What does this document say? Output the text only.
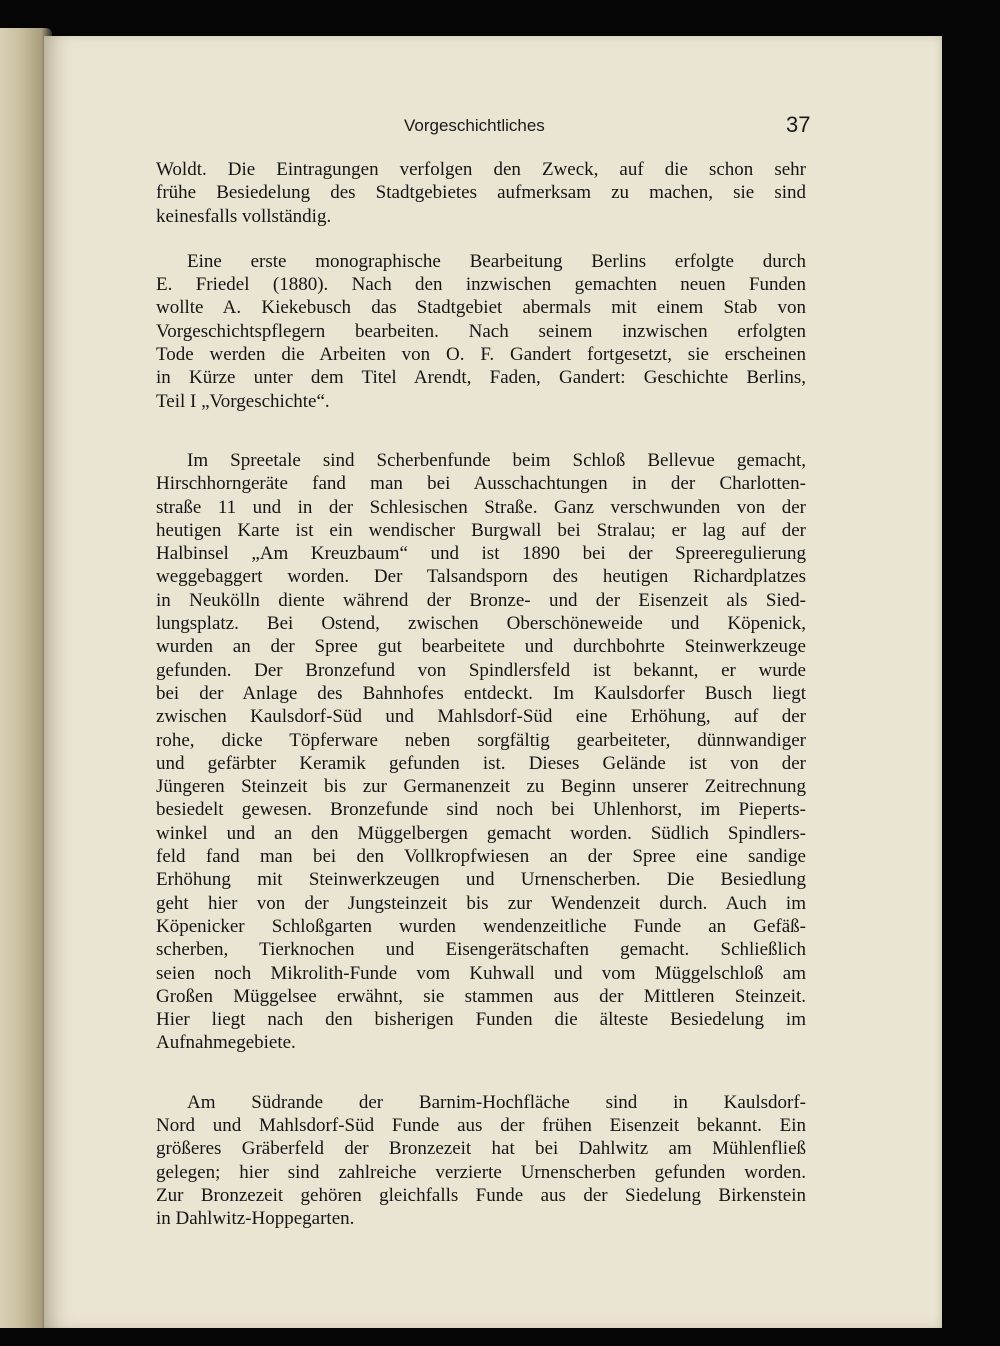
Vorgeschichtliches	37

Woldt. Die Eintragungen verfolgen den Zweck, auf die schon sehr
frühe Besiedelung des Stadtgebietes aufmerksam zu machen, sie sind
keinesfalls vollständig.

Eine erste monographische Bearbeitung Berlins erfolgte durch
E. Friedel (1880). Nach den inzwischen gemachten neuen Funden
wollte A. Kiekebusch das Stadtgebiet abermals mit einem Stab von
Vorgeschichtspflegern bearbeiten. Nach seinem inzwischen erfolgten
Tode werden die Arbeiten von O. F. Gandert fortgesetzt, sie erscheinen
in Kürze unter dem Titel Arendt, Faden, Gandert: Geschichte Berlins,
Teil I „Vorgeschichte“.

Im Spreetale sind Scherbenfunde beim Schloß Bellevue gemacht,
Hirschhorngeräte fand man bei Ausschachtungen in der Charlotten-
straße 11 und in der Schlesischen Straße. Ganz verschwunden von der
heutigen Karte ist ein wendischer Burgwall bei Stralau; er lag auf der
Halbinsel „Am Kreuzbaum“ und ist 1890 bei der Spreeregulierung
weggebaggert worden. Der Talsandsporn des heutigen Richardplatzes
in Neukölln diente während der Bronze- und der Eisenzeit als Sied-
lungsplatz. Bei Ostend, zwischen Oberschöneweide und Köpenick,
wurden an der Spree gut bearbeitete und durchbohrte Steinwerkzeuge
gefunden. Der Bronzefund von Spindlersfeld ist bekannt, er wurde
bei der Anlage des Bahnhofes entdeckt. Im Kaulsdorfer Busch liegt
zwischen Kaulsdorf-Süd und Mahlsdorf-Süd eine Erhöhung, auf der
rohe, dicke Töpferware neben sorgfältig gearbeiteter, dünnwandiger
und gefärbter Keramik gefunden ist. Dieses Gelände ist von der
Jüngeren Steinzeit bis zur Germanenzeit zu Beginn unserer Zeitrechnung
besiedelt gewesen. Bronzefunde sind noch bei Uhlenhorst, im Pieperts-
winkel und an den Müggelbergen gemacht worden. Südlich Spindlers-
feld fand man bei den Vollkropfwiesen an der Spree eine sandige
Erhöhung mit Steinwerkzeugen und Urnenscherben. Die Besiedlung
geht hier von der Jungsteinzeit bis zur Wendenzeit durch. Auch im
Köpenicker Schloßgarten wurden wendenzeitliche Funde an Gefäß-
scherben, Tierknochen und Eisengerätschaften gemacht. Schließlich
seien noch Mikrolith-Funde vom Kuhwall und vom Müggelschloß am
Großen Müggelsee erwähnt, sie stammen aus der Mittleren Steinzeit.
Hier liegt nach den bisherigen Funden die älteste Besiedelung im
Aufnahmegebiete.

Am Südrande der Barnim-Hochfläche sind in Kaulsdorf-
Nord und Mahlsdorf-Süd Funde aus der frühen Eisenzeit bekannt. Ein
größeres Gräberfeld der Bronzezeit hat bei Dahlwitz am Mühlenfließ
gelegen; hier sind zahlreiche verzierte Urnenscherben gefunden worden.
Zur Bronzezeit gehören gleichfalls Funde aus der Siedelung Birkenstein
in Dahlwitz-Hoppegarten.
